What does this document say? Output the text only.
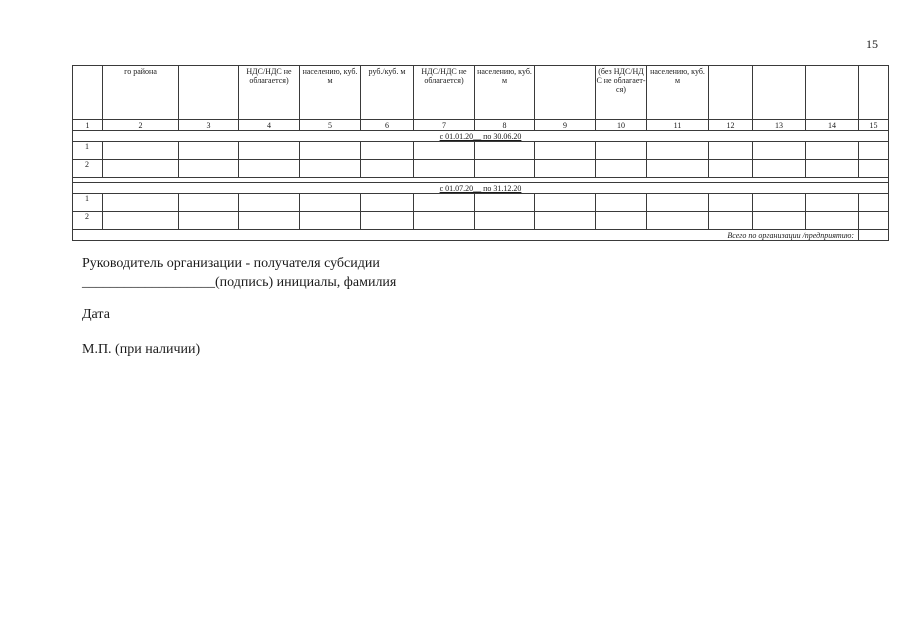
15
	го района		НДС/НДС не облагается)	населению, куб. м	руб./куб. м	НДС/НДС не облагается)	населению, куб. м		(без НДС/НД С не облагает-ся)	населению, куб. м				
1	2	3	4	5	6	7	8	9	10	11	12	13	14	15
с 01.01.20__ по 30.06.20														
1														
2														

с 01.07.20__ по 31.12.20														
1														
2														
Всего по организации /предприятию:														
Руководитель организации - получателя субсидии
___________________(подпись) инициалы, фамилия
Дата
М.П. (при наличии)
